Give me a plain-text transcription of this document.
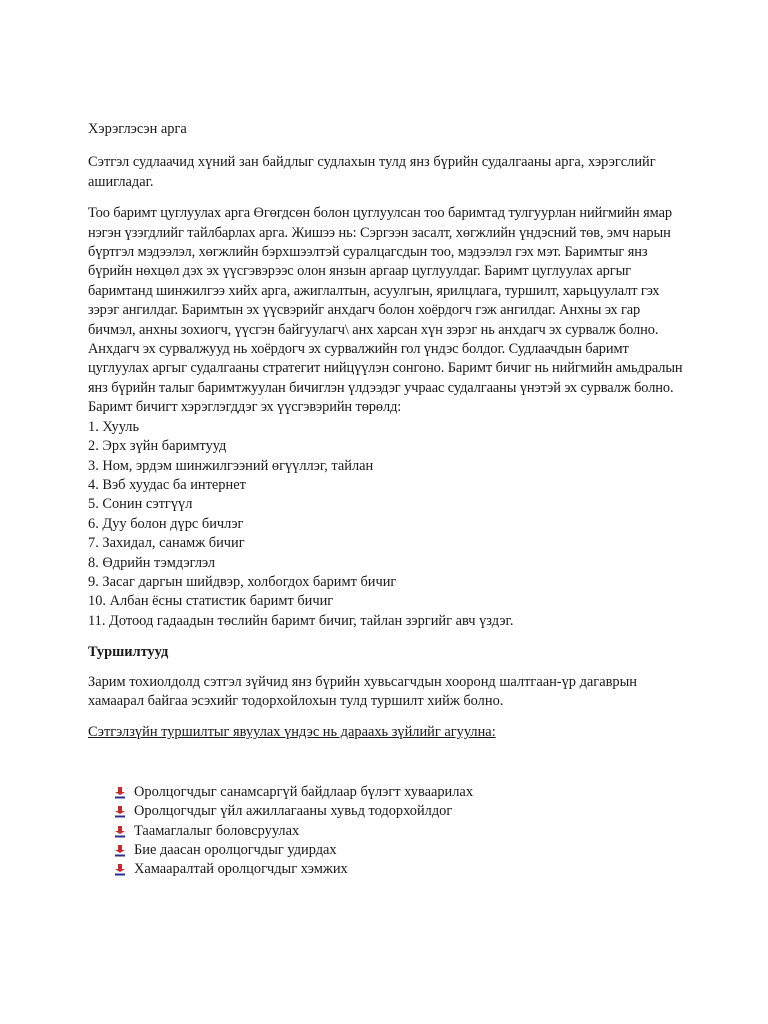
Хэрэглэсэн арга

Сэтгэл судлаачид хүний зан байдлыг судлахын тулд янз бүрийн судалгааны арга, хэрэгслийг ашигладаг.

Тоо баримт цуглуулах арга Өгөгдсөн болон цуглуулсан тоо баримтад тулгуурлан нийгмийн ямар нэгэн үзэгдлийг тайлбарлах арга. Жишээ нь: Сэргээн засалт, хөгжлийн үндэсний төв, эмч нарын бүртгэл мэдээлэл, хөгжлийн бэрхшээлтэй суралцагсдын тоо, мэдээлэл гэх мэт. Баримтыг янз бүрийн нөхцөл дэх эх үүсгэвэрээс олон янзын аргаар цуглуулдаг. Баримт цуглуулах аргыг баримтанд шинжилгээ хийх арга, ажиглалтын, асуулгын, ярилцлага, туршилт, харьцуулалт гэх зэрэг ангилдаг. Баримтын эх үүсвэрийг анхдагч болон хоёрдогч гэж ангилдаг. Анхны эх гар бичмэл, анхны зохиогч, үүсгэн байгуулагч\ анх харсан хүн зэрэг нь анхдагч эх сурвалж болно. Анхдагч эх сурвалжууд нь хоёрдогч эх сурвалжийн гол үндэс болдог. Судлаачдын баримт цуглуулах аргыг судалгааны стратегит нийцүүлэн сонгоно. Баримт бичиг нь нийгмийн амьдралын янз бүрийн талыг баримтжуулан бичиглэн үлдээдэг учраас судалгааны үнэтэй эх сурвалж болно. Баримт бичигт хэрэглэгддэг эх үүсгэвэрийн төрөлд:

1. Хууль
2. Эрх зүйн баримтууд
3. Ном, эрдэм шинжилгээний өгүүллэг, тайлан
4. Вэб хуудас ба интернет
5. Сонин сэтгүүл
6. Дуу болон дүрс бичлэг
7. Захидал, санамж бичиг
8. Өдрийн тэмдэглэл
9. Засаг даргын шийдвэр, холбогдох баримт бичиг
10. Албан ёсны статистик баримт бичиг
11. Дотоод гадаадын төслийн баримт бичиг, тайлан зэргийг авч үздэг.

Туршилтууд

Зарим тохиолдолд сэтгэл зүйчид янз бүрийн хувьсагчдын хооронд шалтгаан-үр дагаврын хамаарал байгаа эсэхийг тодорхойлохын тулд туршилт хийж болно.

Сэтгэлзүйн туршилтыг явуулах үндэс нь дараахь зүйлийг агуулна:

Оролцогчдыг санамсаргүй байдлаар бүлэгт хуваарилах
Оролцогчдыг үйл ажиллагааны хувьд тодорхойлдог
Таамаглалыг боловсруулах
Бие даасан оролцогчдыг удирдах
Хамааралтай оролцогчдыг хэмжих
